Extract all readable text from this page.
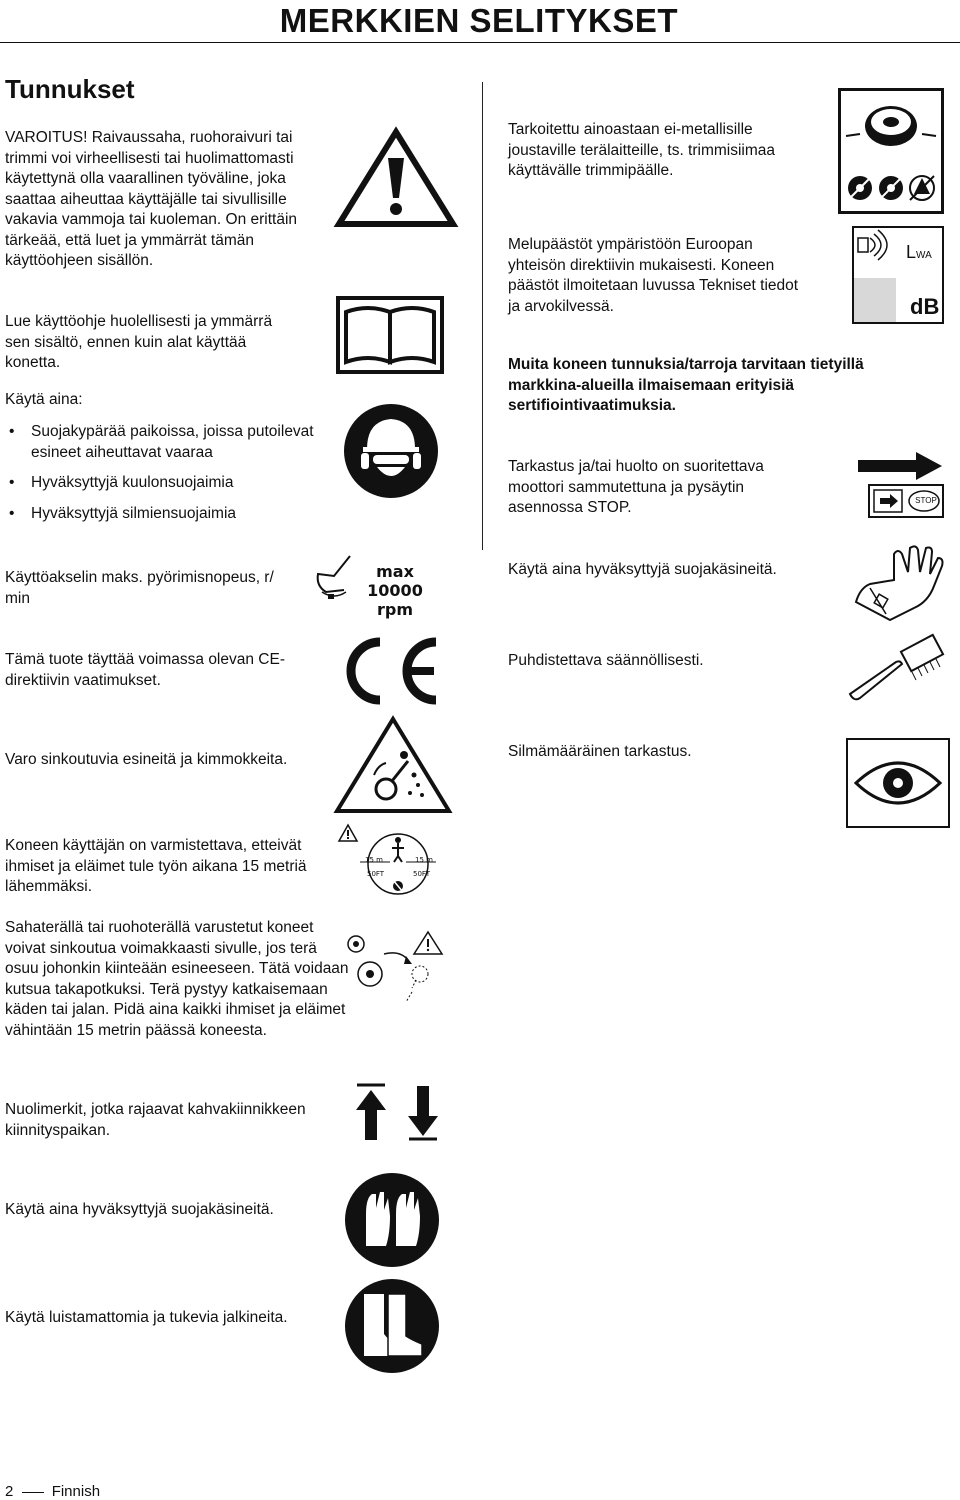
MERKKIEN SELITYKSET
Tunnukset

VAROITUS! Raivaussaha, ruohoraivuri tai trimmi voi virheellisesti tai huolimattomasti käytettynä olla vaarallinen työväline, joka saattaa aiheuttaa käyttäjälle tai sivullisille vakavia vammoja tai kuoleman. On erittäin tärkeää, että luet ja ymmärrät tämän käyttöohjeen sisällön.

Lue käyttöohje huolellisesti ja ymmärrä sen sisältö, ennen kuin alat käyttää konetta.

Käytä aina:

• Suojakypärää paikoissa, joissa putoilevat esineet aiheuttavat vaaraa
• Hyväksyttyjä kuulonsuojaimia
• Hyväksyttyjä silmiensuojaimia

Käyttöakselin maks. pyörimisnopeus, r/ min

max
10000 rpm

Tämä tuote täyttää voimassa olevan CE-direktiivin vaatimukset.

Varo sinkoutuvia esineitä ja kimmokkeita.

Koneen käyttäjän on varmistettava, etteivät ihmiset ja eläimet tule työn aikana 15 metriä lähemmäksi.

15 m	15 m
50FT	50FT

Sahaterällä tai ruohoterällä varustetut koneet voivat sinkoutua voimakkaasti sivulle, jos terä osuu johonkin kiinteään esineeseen. Tätä voidaan kutsua takapotkuksi. Terä pystyy katkaisemaan käden tai jalan. Pidä aina kaikki ihmiset ja eläimet vähintään 15 metrin päässä koneesta.

Nuolimerkit, jotka rajaavat kahvakiinnikkeen kiinnityspaikan.

Käytä aina hyväksyttyjä suojakäsineitä.

Käytä luistamattomia ja tukevia jalkineita.

Tarkoitettu ainoastaan ei-metallisille joustaville terälaitteille, ts. trimmisiimaa käyttävälle trimmipäälle.

Melupäästöt ympäristöön Euroopan yhteisön direktiivin mukaisesti. Koneen päästöt ilmoitetaan luvussa Tekniset tiedot ja arvokilvessä.

LWA
dB

Muita koneen tunnuksia/tarroja tarvitaan tietyillä markkina-alueilla ilmaisemaan erityisiä sertifiointivaatimuksia.

Tarkastus ja/tai huolto on suoritettava moottori sammutettuna ja pysäytin asennossa STOP.	STOP

Käytä aina hyväksyttyjä suojakäsineitä.

Puhdistettava säännöllisesti.

Silmämääräinen tarkastus.

2	Finnish
